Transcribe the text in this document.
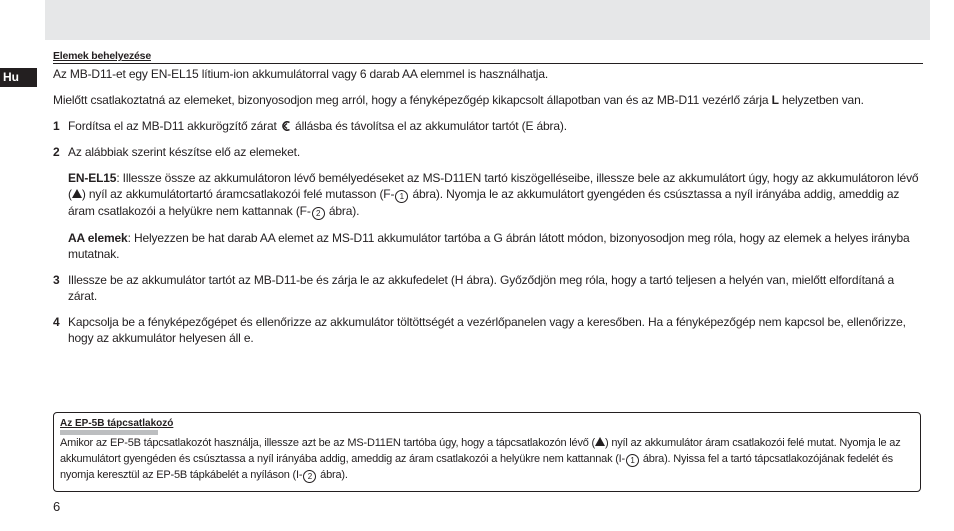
Hu

Elemek behelyezése

Az MB-D11-et egy EN-EL15 lítium-ion akkumulátorral vagy 6 darab AA elemmel is használhatja.

Mielőtt csatlakoztatná az elemeket, bizonyosodjon meg arról, hogy a fényképezőgép kikapcsolt állapotban van és az MB-D11 vezérlő zárja L helyzetben van.

1 Fordítsa el az MB-D11 akkurögzítő zárat  állásba és távolítsa el az akkumulátor tartót (E ábra).
2 Az alábbiak szerint készítse elő az elemeket.
EN-EL15: Illessze össze az akkumulátoron lévő bemélyedéseket az MS-D11EN tartó kiszögelléseibe, illessze bele az akkumulátort úgy, hogy az akkumulátoron lévő ( ) nyíl az akkumulátortartó áramcsatlakozói felé mutasson (F- 1 ábra). Nyomja le az akkumulátort gyengéden és csúsztassa a nyíl irányába addig, ameddig az áram csatlakozói a helyükre nem kattannak (F- 2 ábra).
AA elemek: Helyezzen be hat darab AA elemet az MS-D11 akkumulátor tartóba a G ábrán látott módon, bizonyosodjon meg róla, hogy az elemek a helyes irányba mutatnak.
3 Illessze be az akkumulátor tartót az MB-D11-be és zárja le az akkufedelet (H ábra). Győződjön meg róla, hogy a tartó teljesen a helyén van, mielőtt elfordítaná a zárat.
4 Kapcsolja be a fényképezőgépet és ellenőrizze az akkumulátor töltöttségét a vezérlőpanelen vagy a keresőben. Ha a fényképezőgép nem kapcsol be, ellenőrizze, hogy az akkumulátor helyesen áll e.

Az EP-5B tápcsatlakozó

Amikor az EP-5B tápcsatlakozót használja, illessze azt be az MS-D11EN tartóba úgy, hogy a tápcsatlakozón lévő ( ) nyíl az akkumulátor áram csatlakozói felé mutat. Nyomja le az akkumulátort gyengéden és csúsztassa a nyíl irányába addig, ameddig az áram csatlakozói a helyükre nem kattannak (I- 1 ábra). Nyissa fel a tartó tápcsatlakozójának fedelét és nyomja keresztül az EP-5B tápkábelét a nyíláson (I- 2 ábra).

6
